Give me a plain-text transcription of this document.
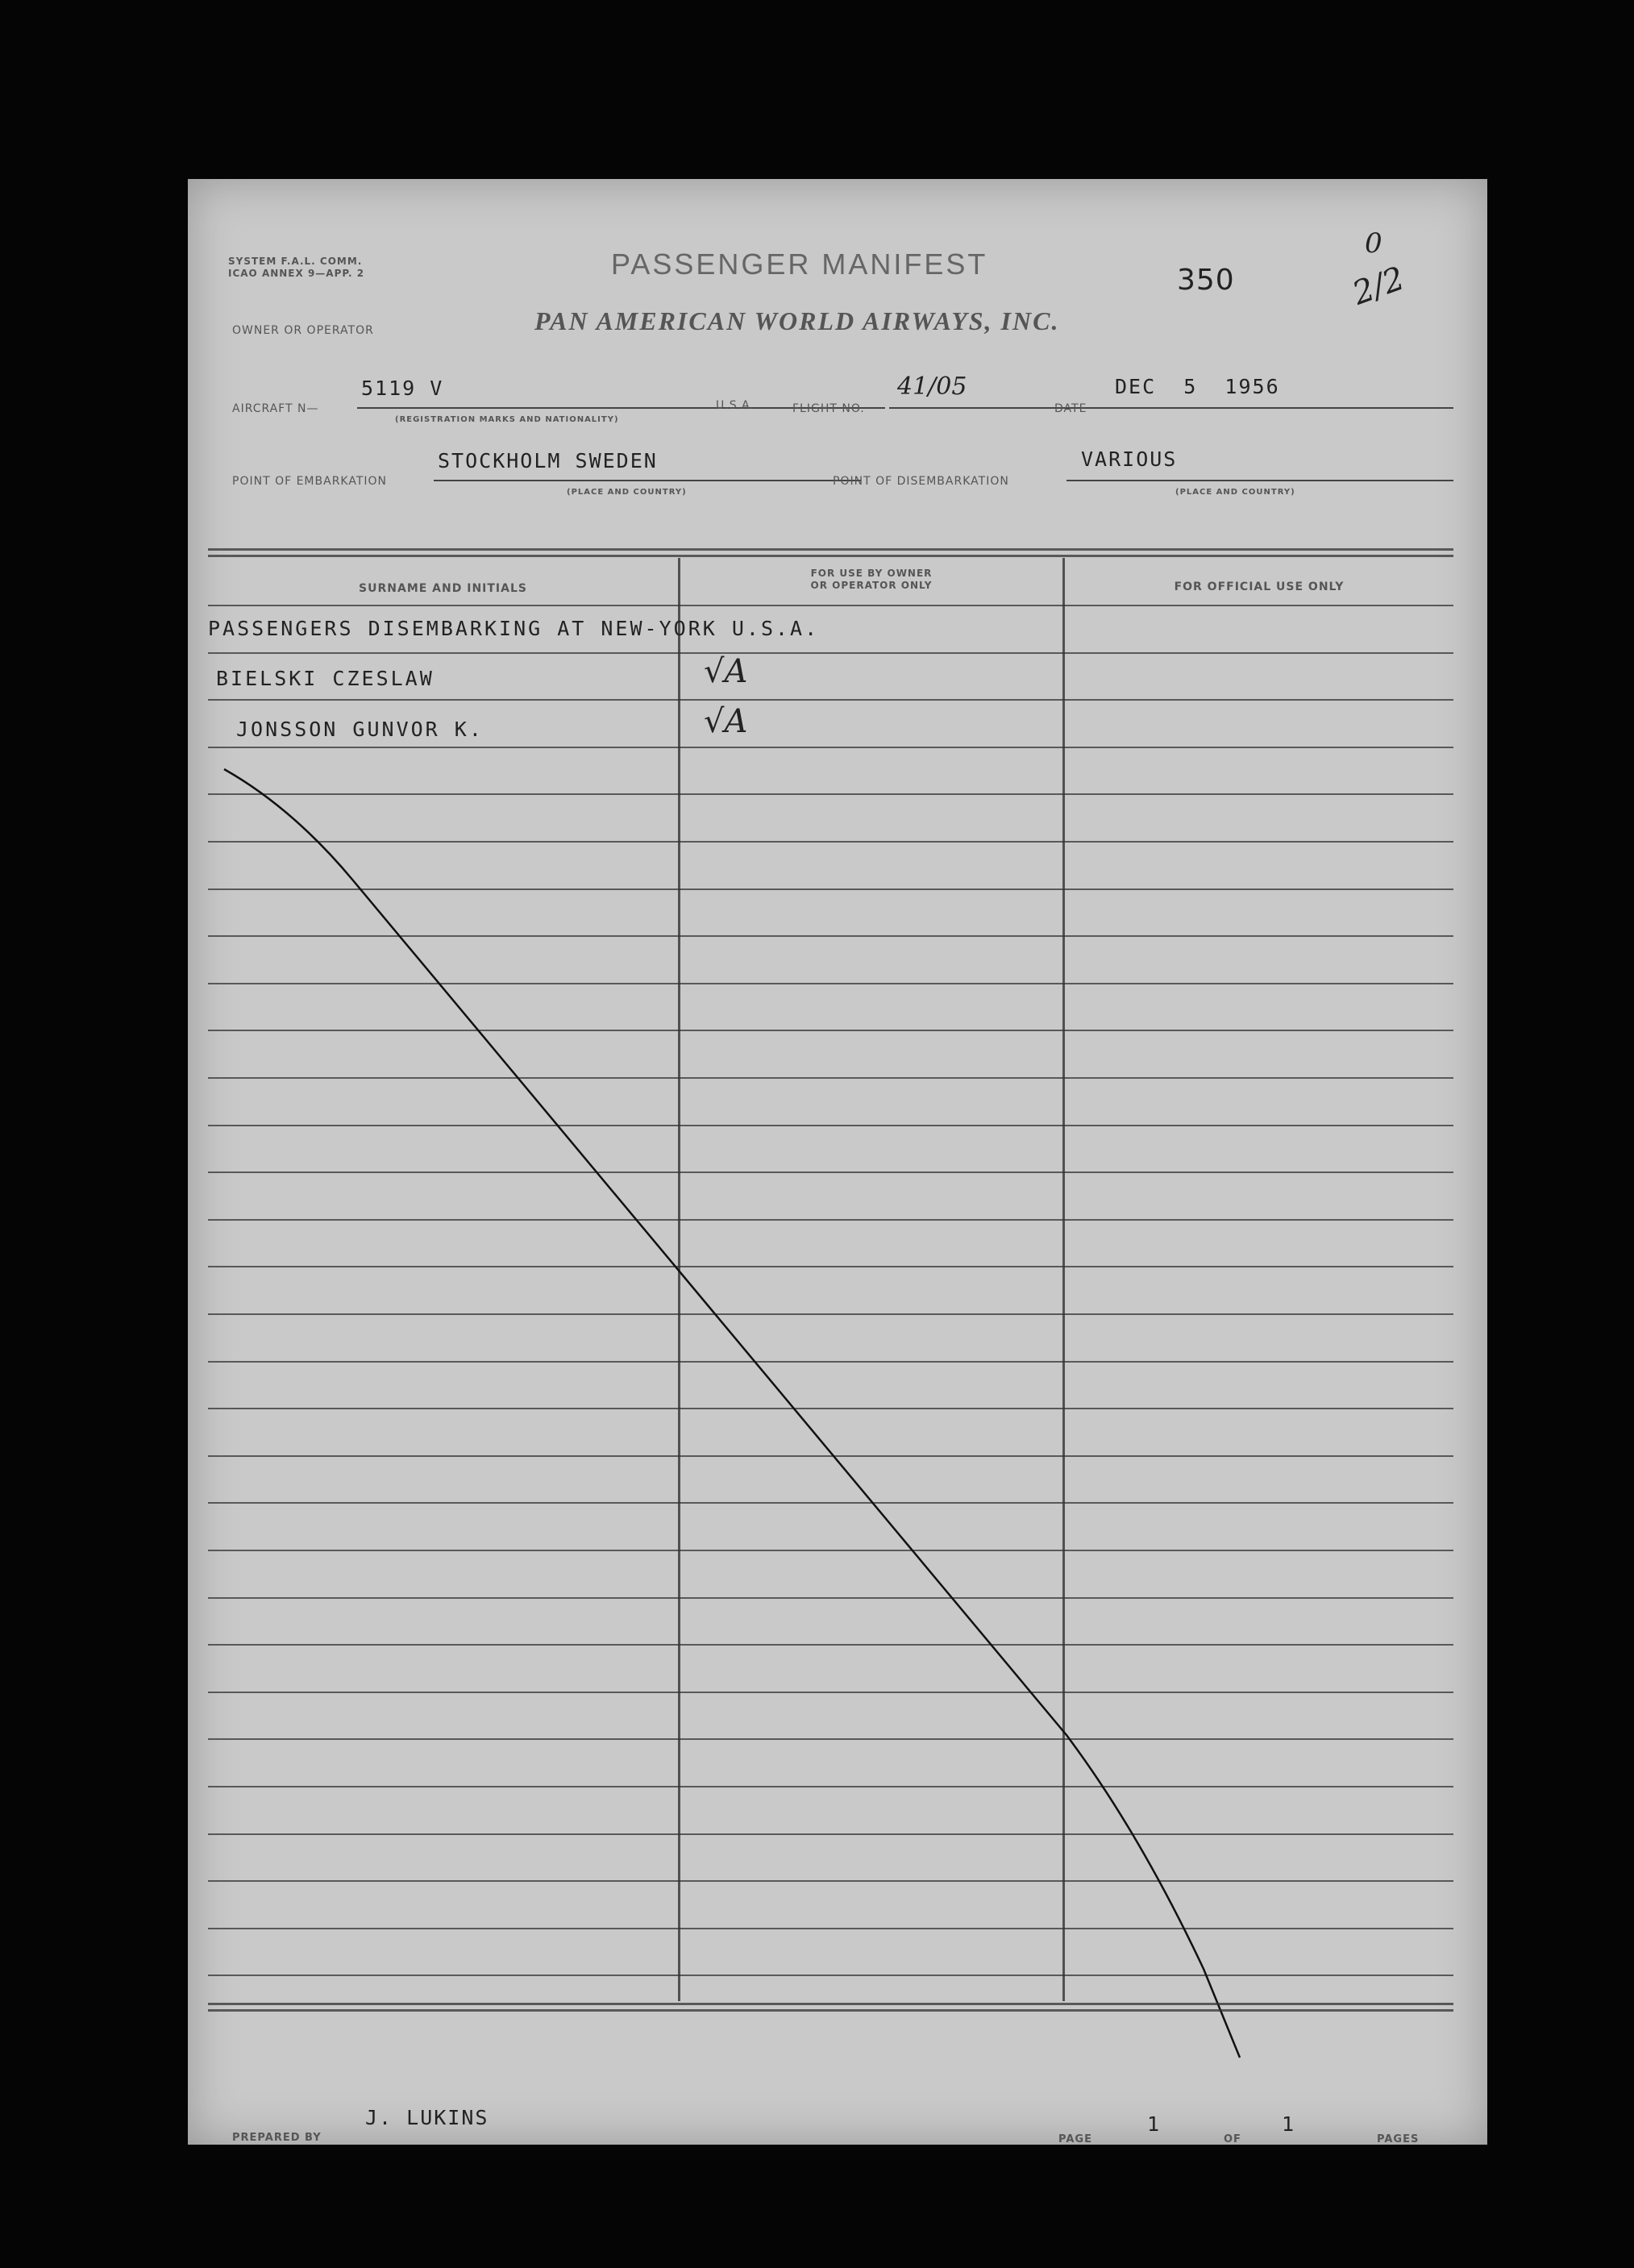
SYSTEM F.A.L. COMM.
ICAO ANNEX 9—APP. 2	PASSENGER MANIFEST	350
0
2/2
OWNER OR OPERATOR	PAN AMERICAN WORLD AIRWAYS, INC.
AIRCRAFT N—
5119 V
(REGISTRATION MARKS AND NATIONALITY)
U.S.A.	FLIGHT NO.
41/05
DATE
DEC  5  1956
POINT OF EMBARKATION
STOCKHOLM SWEDEN
(PLACE AND COUNTRY)
POINT OF DISEMBARKATION
VARIOUS
(PLACE AND COUNTRY)
SURNAME AND INITIALS
FOR USE BY OWNER
OR OPERATOR ONLY	FOR OFFICIAL USE ONLY
PASSENGERS DISEMBARKING AT NEW-YORK U.S.A.
BIELSKI CZESLAW	√A
JONSSON GUNVOR K.	√A
PREPARED BY
J. LUKINS
PAGE
1
OF
1
PAGES
